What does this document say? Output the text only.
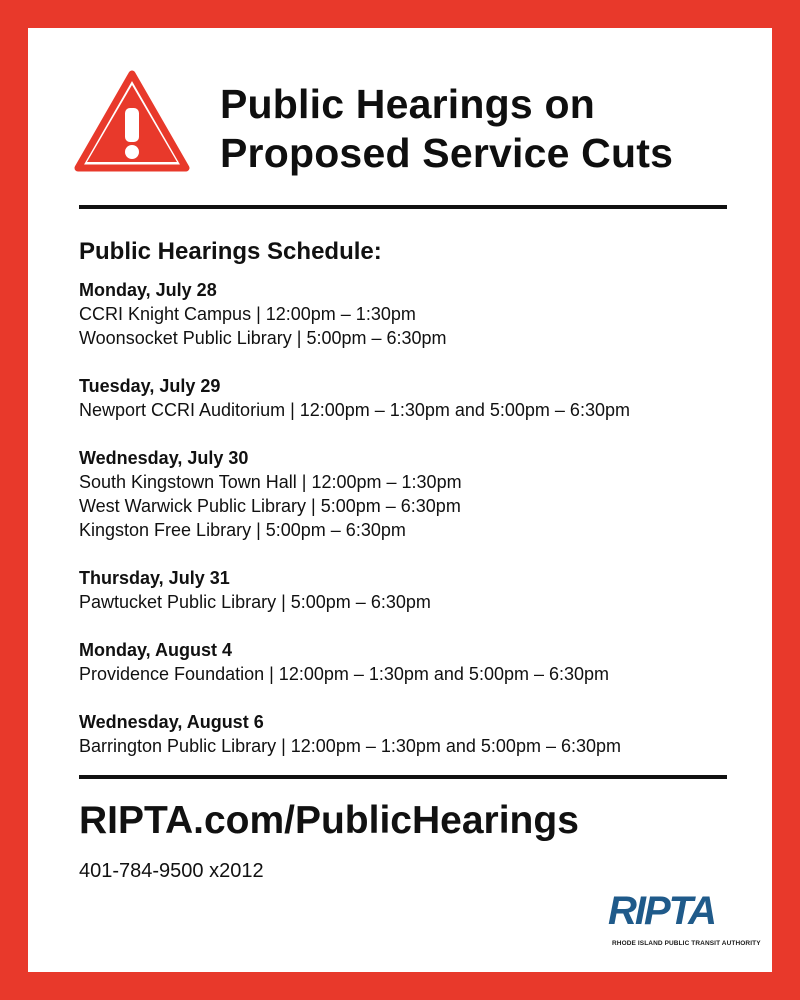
Public Hearings on
Proposed Service Cuts
Public Hearings Schedule:
Monday, July 28
CCRI Knight Campus | 12:00pm – 1:30pm
Woonsocket Public Library | 5:00pm – 6:30pm
Tuesday, July 29
Newport CCRI Auditorium | 12:00pm – 1:30pm and 5:00pm – 6:30pm
Wednesday, July 30
South Kingstown Town Hall | 12:00pm – 1:30pm
West Warwick Public Library | 5:00pm – 6:30pm
Kingston Free Library | 5:00pm – 6:30pm
Thursday, July 31
Pawtucket Public Library | 5:00pm – 6:30pm
Monday, August 4
Providence Foundation | 12:00pm – 1:30pm and 5:00pm – 6:30pm
Wednesday, August 6
Barrington Public Library | 12:00pm – 1:30pm and 5:00pm – 6:30pm
RIPTA.com/PublicHearings
401-784-9500 x2012
RIPTA
RHODE ISLAND PUBLIC TRANSIT AUTHORITY
